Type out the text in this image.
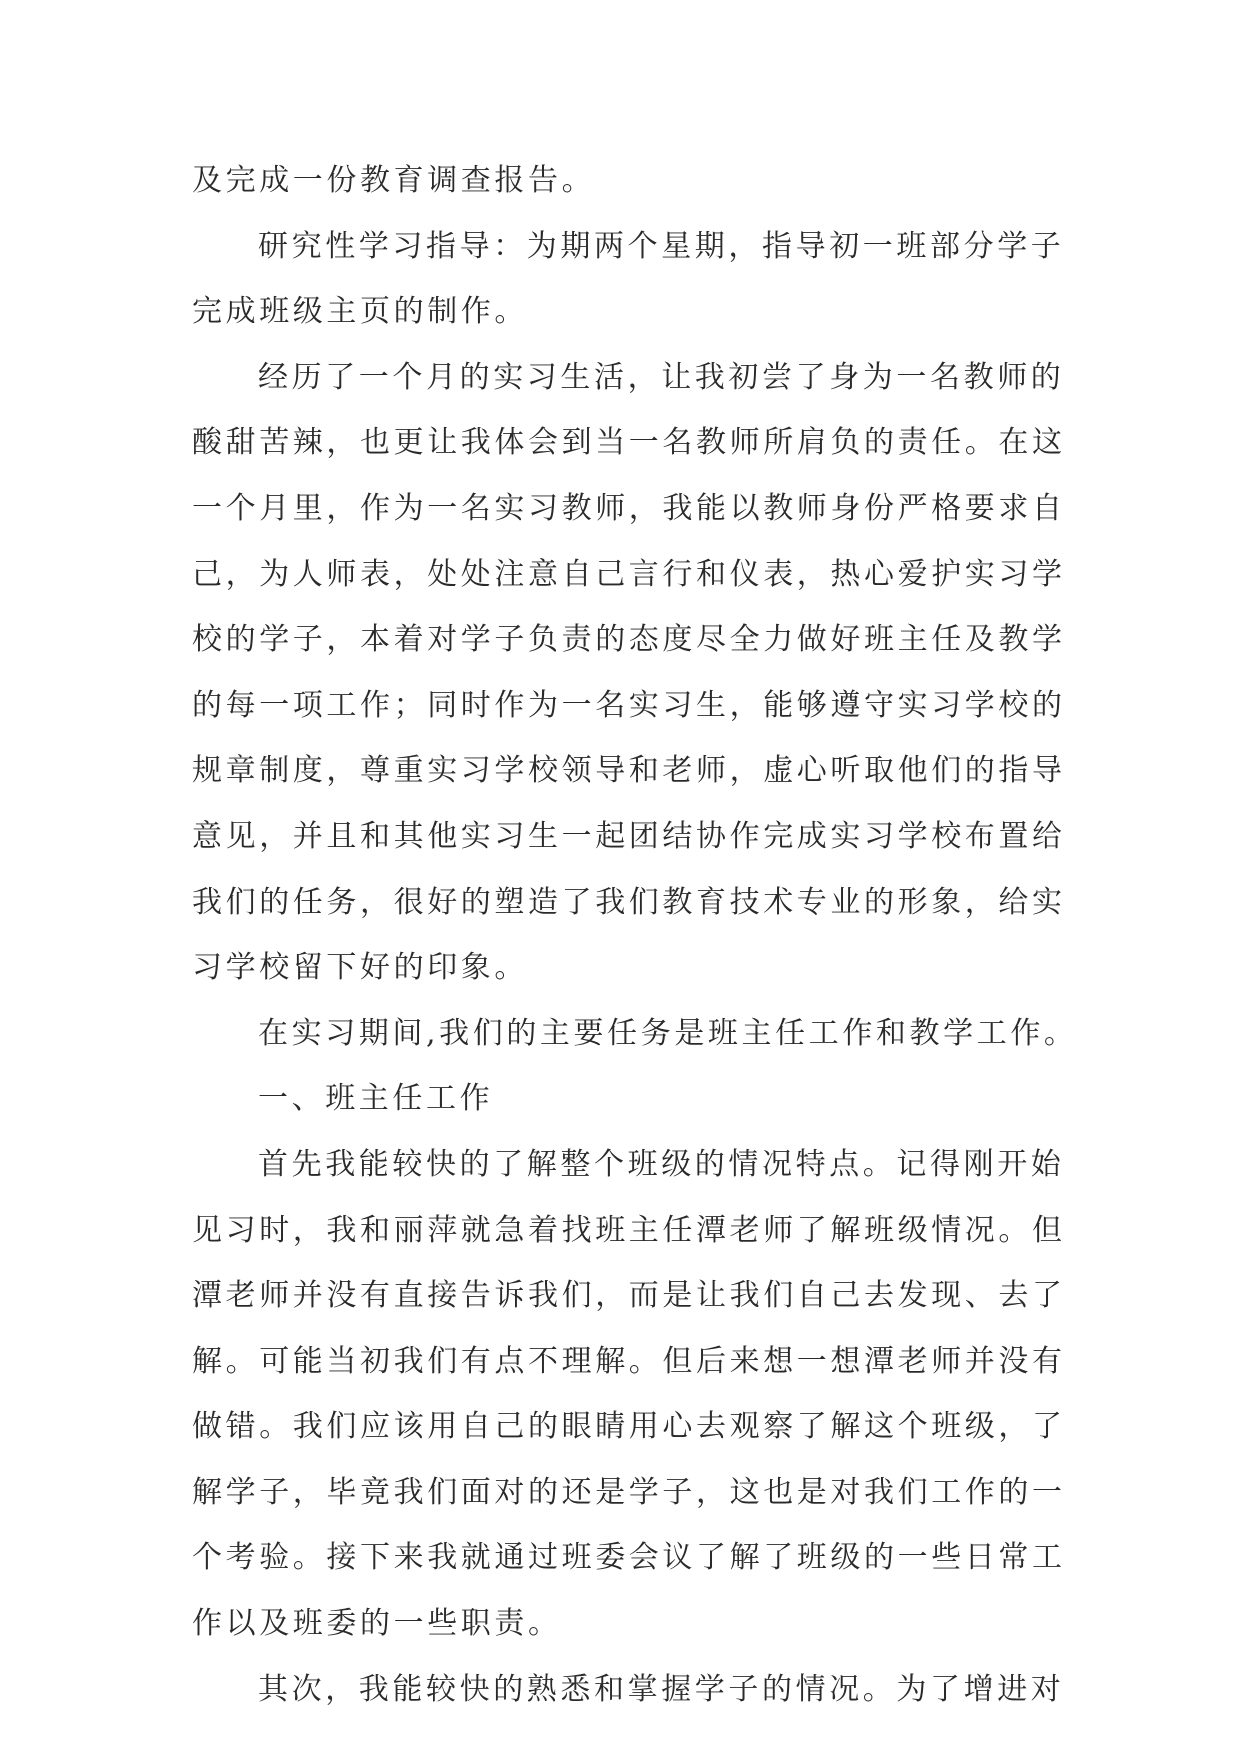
及完成一份教育调查报告。
研究性学习指导：为期两个星期，指导初一班部分学子
完成班级主页的制作。
经历了一个月的实习生活，让我初尝了身为一名教师的
酸甜苦辣，也更让我体会到当一名教师所肩负的责任。在这
一个月里，作为一名实习教师，我能以教师身份严格要求自
己，为人师表，处处注意自己言行和仪表，热心爱护实习学
校的学子，本着对学子负责的态度尽全力做好班主任及教学
的每一项工作；同时作为一名实习生，能够遵守实习学校的
规章制度，尊重实习学校领导和老师，虚心听取他们的指导
意见，并且和其他实习生一起团结协作完成实习学校布置给
我们的任务，很好的塑造了我们教育技术专业的形象，给实
习学校留下好的印象。
在实习期间,我们的主要任务是班主任工作和教学工作。
一、班主任工作
首先我能较快的了解整个班级的情况特点。记得刚开始
见习时，我和丽萍就急着找班主任潭老师了解班级情况。但
潭老师并没有直接告诉我们，而是让我们自己去发现、去了
解。可能当初我们有点不理解。但后来想一想潭老师并没有
做错。我们应该用自己的眼睛用心去观察了解这个班级，了
解学子，毕竟我们面对的还是学子，这也是对我们工作的一
个考验。接下来我就通过班委会议了解了班级的一些日常工
作以及班委的一些职责。
其次，我能较快的熟悉和掌握学子的情况。为了增进对
